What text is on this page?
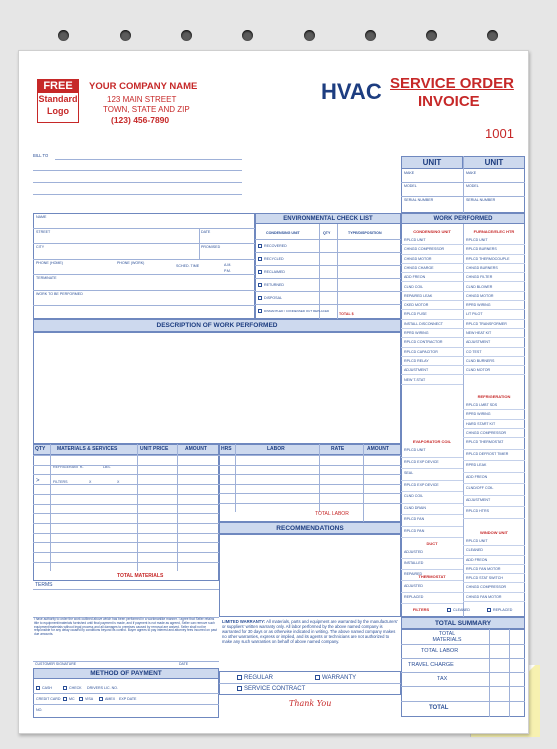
FREE
Standard
Logo
YOUR COMPANY NAME
123 MAIN STREET
TOWN, STATE AND ZIP
(123) 456-7890
HVAC SERVICE ORDER
INVOICE
1001
BILL TO
UNIT	UNIT
MAKE
MODEL
SERIAL NUMBER
MAKE
MODEL
SERIAL NUMBER
NAME
DATE
STREET
CITY	PROMISED
PHONE (HOME)	PHONE (WORK)
SCHED. TIME	A.M.
P.M.
TERMINATE
WORK TO BE PERFORMED
ENVIRONMENTAL CHECK LIST
CONDENSING UNIT	QTY	TYPE/DISPOSITION
RECOVERED
RECYCLED
RECLAIMED
RETURNED
DISPOSAL
DISMANTLED / CONDENSED OUT REPLACED
TOTAL $
DESCRIPTION OF WORK PERFORMED
WORK PERFORMED
CONDENSING UNIT	FURNACE/ELEC HTR
RPLCD UNIT
CHNGD COMPRESSOR
CHNGD MOTOR
CHNGD CHARGE
ADD FREON
CLND COIL
REPAIRED LEAK
CKED MOTOR
RPLCD FUSE
INSTALL DISCONNECT
RPRD WIRING
RPLCD CONTRACTOR
RPLCD CAPACITOR
RPLCD RELAY
ADJUSTMENT
NEW T-STAT
RPLCD UNIT
RPLCD BURNERS
RPLCD THERMOCOUPLE
CHNGD BURNERS
CHNGD FILTER
CLND BLOWER
CHNGD MOTOR
RPRD WIRING
LIT PILOT
RPLCD TRANSFORMER
NEW HEAT KIT
ADJUSTMENT
CO TEST
CLND BURNERS
CLND MOTOR
REFRIGERATION
EVAPORATOR COIL
DUCT
WINDOW UNIT
THERMOSTAT
FILTERS	CLEANED	REPLACED
RPLCD LMBT SDS
RPRD WIRING
HARD START KIT
CHNGD COMPRESSOR
RPLCD UNIT
RPLCD EXP DEVICE
SEAL
RPLCD EXP DEVICE
CLND COIL
CLND DRAIN
RPLCD FAN
RPLCD PAN
RPLCD THERMOSTAT
RPLCD DEFROST TIMER
RPRD LEAK
ADD FREON
CLND/OFF COIL
ADJUSTMENT
RPLCD HTRS
ADJUSTED
INSTALLED
REPAIRED
RPLCD UNIT
CLEANED
ADD FREON
RPLCD FAN MOTOR
ADJUSTED
REPLACED
RPLCD STAT SWITCH
CHNGD COMPRESSOR
CHNGD FAN MOTOR
QTY MATERIALS & SERVICES	UNIT PRICE	AMOUNT
REFRIGERANT R-	LBS.
FILTERS	X	X
>
TOTAL MATERIALS
HRS	LABOR	RATE	AMOUNT
TOTAL LABOR
RECOMMENDATIONS
TERMS
I have authority to order the work outlined above which has been performed in a workmanlike manner. I agree that Seller retains title to equipment/materials furnished until final payment is made, and if payment is not made as agreed, Seller can remove such equipment/materials without legal process and all damages to premises caused by removal are waived. Seller shall not be responsible for any delay caused by conditions beyond its control. Buyer agrees to pay interest and attorney fees incurred on past due amounts.
CUSTOMER SIGNATURE	DATE
METHOD OF PAYMENT
CASH	CHECK DRIVERS LIC. NO.
CREDIT CARD	MC	VISA	AMEX EXP DATE
NO.
LIMITED WARRANTY: All materials, parts and equipment are warranted by the manufacturers' or suppliers' written warranty only. All labor performed by the above named company is warranted for 30 days or as otherwise indicated in writing. The above named company makes no other warranties, express or implied, and its agents or technicians are not authorized to make any such warranties on behalf of above named company.
REGULAR	WARRANTY
SERVICE CONTRACT
Thank You
TOTAL SUMMARY
TOTAL MATERIALS
TOTAL LABOR
TRAVEL CHARGE
TAX
TOTAL
